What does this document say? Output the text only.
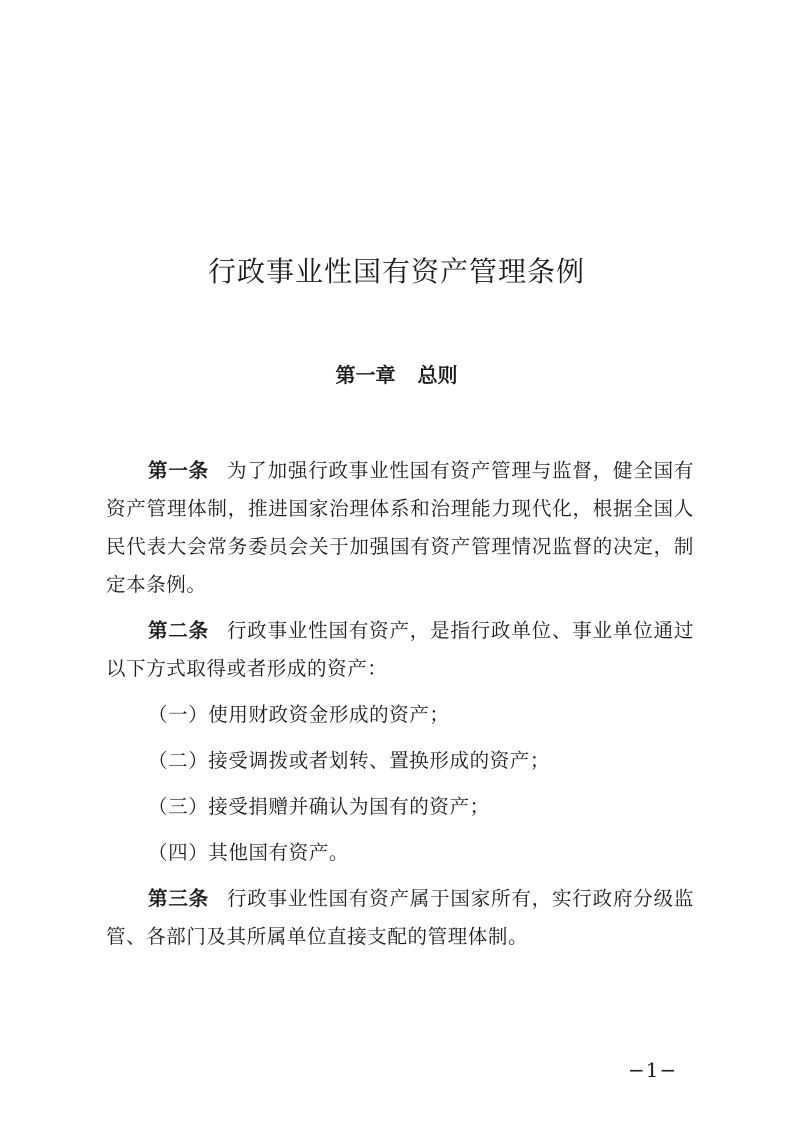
行政事业性国有资产管理条例
第一章 总则

第一条 为了加强行政事业性国有资产管理与监督，健全国有资产管理体制，推进国家治理体系和治理能力现代化，根据全国人民代表大会常务委员会关于加强国有资产管理情况监督的决定，制定本条例。

第二条 行政事业性国有资产，是指行政单位、事业单位通过以下方式取得或者形成的资产：

（一）使用财政资金形成的资产；

（二）接受调拨或者划转、置换形成的资产；

（三）接受捐赠并确认为国有的资产；

（四）其他国有资产。

第三条 行政事业性国有资产属于国家所有，实行政府分级监管、各部门及其所属单位直接支配的管理体制。

−1−
